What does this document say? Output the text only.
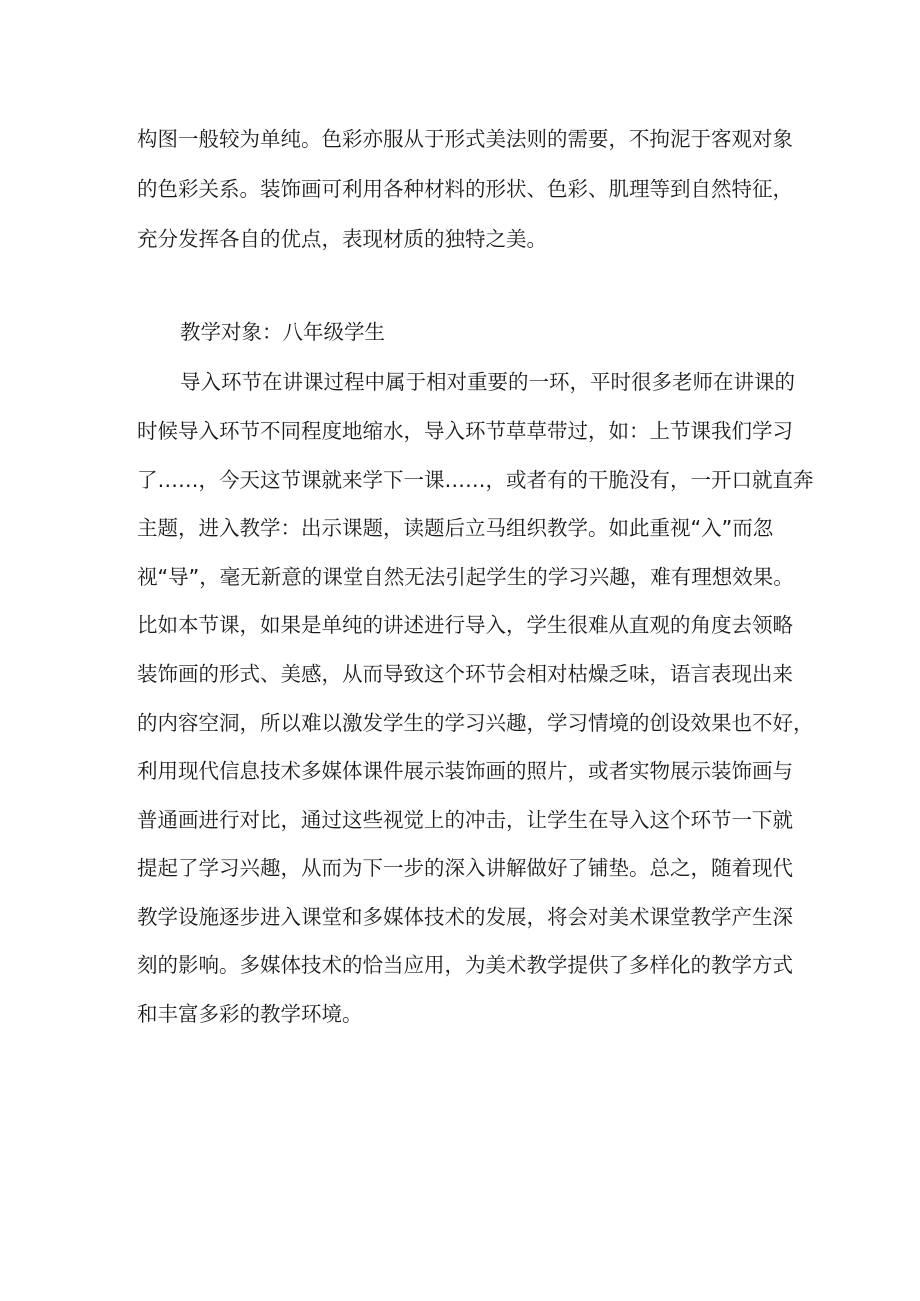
构图一般较为单纯。色彩亦服从于形式美法则的需要，不拘泥于客观对象

的色彩关系。装饰画可利用各种材料的形状、色彩、肌理等到自然特征，

充分发挥各自的优点，表现材质的独特之美。

教学对象：八年级学生

导入环节在讲课过程中属于相对重要的一环，平时很多老师在讲课的

时候导入环节不同程度地缩水，导入环节草草带过，如：上节课我们学习

了……，今天这节课就来学下一课……，或者有的干脆没有，一开口就直奔

主题，进入教学：出示课题，读题后立马组织教学。如此重视“入”而忽

视“导”，毫无新意的课堂自然无法引起学生的学习兴趣，难有理想效果。

比如本节课，如果是单纯的讲述进行导入，学生很难从直观的角度去领略

装饰画的形式、美感，从而导致这个环节会相对枯燥乏味，语言表现出来

的内容空洞，所以难以激发学生的学习兴趣，学习情境的创设效果也不好，

利用现代信息技术多媒体课件展示装饰画的照片，或者实物展示装饰画与

普通画进行对比，通过这些视觉上的冲击，让学生在导入这个环节一下就

提起了学习兴趣，从而为下一步的深入讲解做好了铺垫。总之，随着现代

教学设施逐步进入课堂和多媒体技术的发展，将会对美术课堂教学产生深

刻的影响。多媒体技术的恰当应用，为美术教学提供了多样化的教学方式

和丰富多彩的教学环境。
